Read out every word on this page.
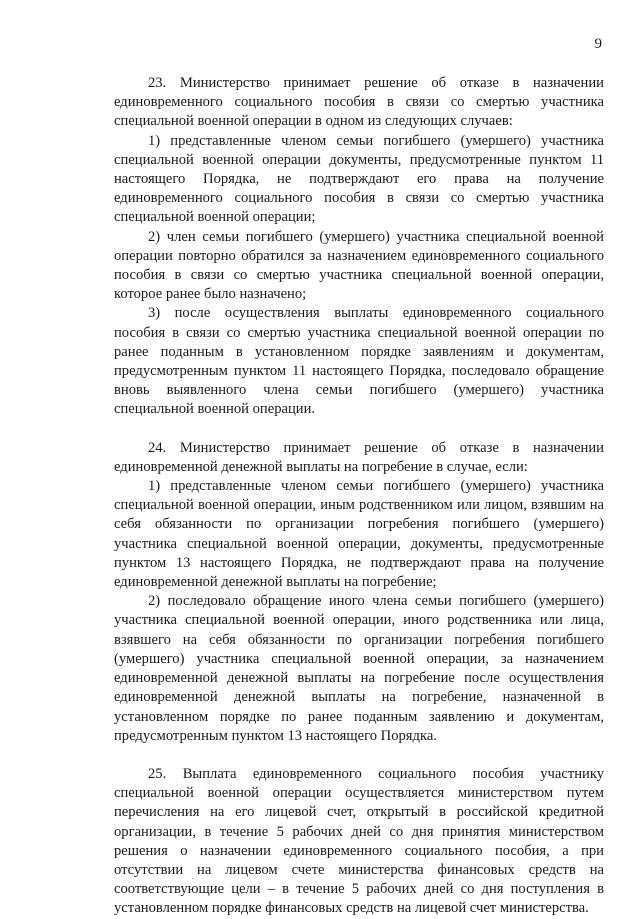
9

23. Министерство принимает решение об отказе в назначении единовременного социального пособия в связи со смертью участника специальной военной операции в одном из следующих случаев:

1) представленные членом семьи погибшего (умершего) участника специальной военной операции документы, предусмотренные пунктом 11 настоящего Порядка, не подтверждают его права на получение единовременного социального пособия в связи со смертью участника специальной военной операции;

2) член семьи погибшего (умершего) участника специальной военной операции повторно обратился за назначением единовременного социального пособия в связи со смертью участника специальной военной операции, которое ранее было назначено;

3) после осуществления выплаты единовременного социального пособия в связи со смертью участника специальной военной операции по ранее поданным в установленном порядке заявлениям и документам, предусмотренным пунктом 11 настоящего Порядка, последовало обращение вновь выявленного члена семьи погибшего (умершего) участника специальной военной операции.

24. Министерство принимает решение об отказе в назначении единовременной денежной выплаты на погребение в случае, если:

1) представленные членом семьи погибшего (умершего) участника специальной военной операции, иным родственником или лицом, взявшим на себя обязанности по организации погребения погибшего (умершего) участника специальной военной операции, документы, предусмотренные пунктом 13 настоящего Порядка, не подтверждают права на получение единовременной денежной выплаты на погребение;

2) последовало обращение иного члена семьи погибшего (умершего) участника специальной военной операции, иного родственника или лица, взявшего на себя обязанности по организации погребения погибшего (умершего) участника специальной военной операции, за назначением единовременной денежной выплаты на погребение после осуществления единовременной денежной выплаты на погребение, назначенной в установленном порядке по ранее поданным заявлению и документам, предусмотренным пунктом 13 настоящего Порядка.

25. Выплата единовременного социального пособия участнику специальной военной операции осуществляется министерством путем перечисления на его лицевой счет, открытый в российской кредитной организации, в течение 5 рабочих дней со дня принятия министерством решения о назначении единовременного социального пособия, а при отсутствии на лицевом счете министерства финансовых средств на соответствующие цели – в течение 5 рабочих дней со дня поступления в установленном порядке финансовых средств на лицевой счет министерства.
